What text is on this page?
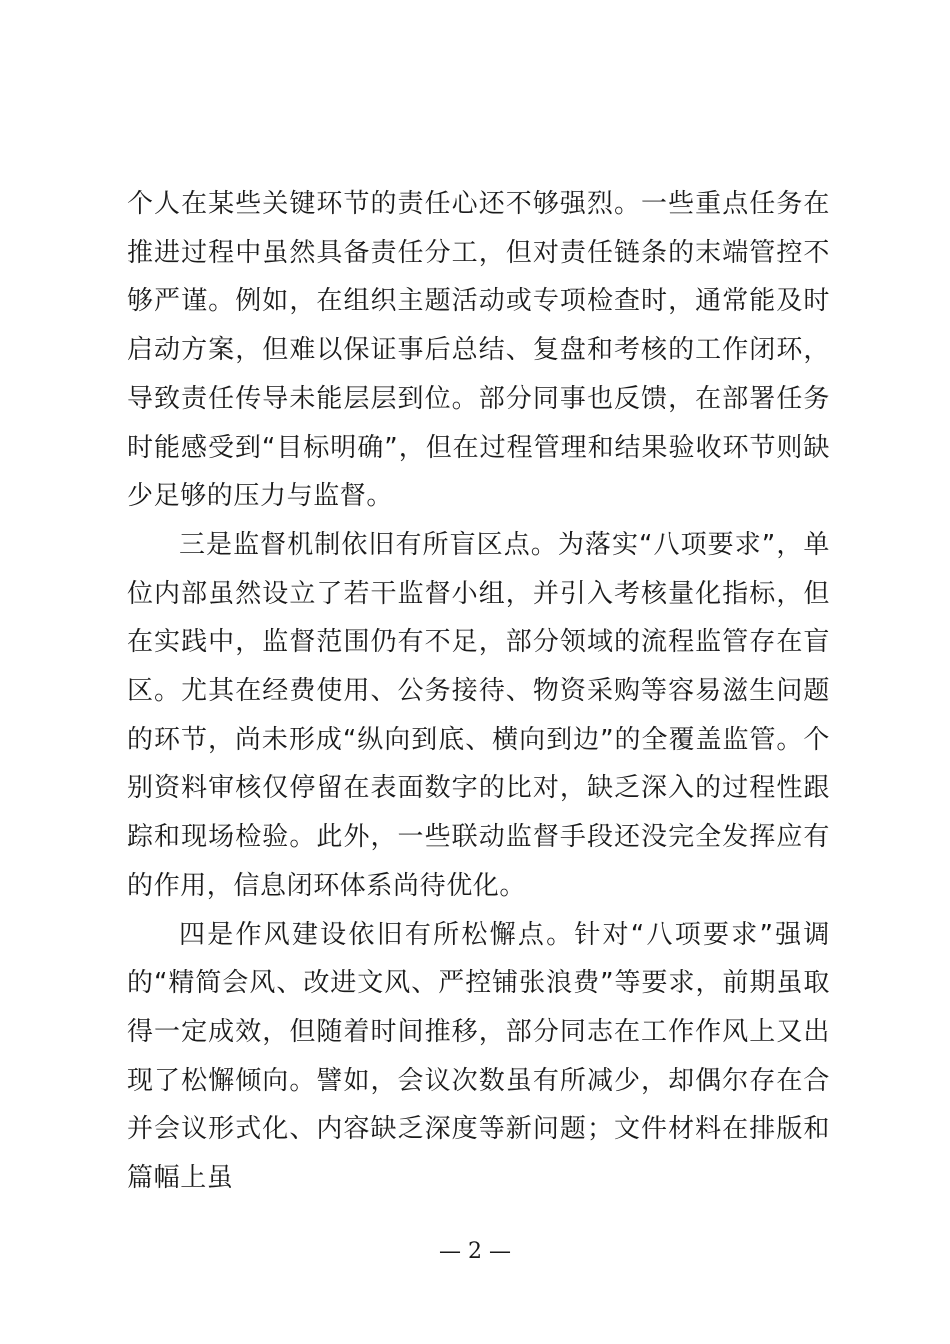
个人在某些关键环节的责任心还不够强烈。一些重点任务在推进过程中虽然具备责任分工，但对责任链条的末端管控不够严谨。例如，在组织主题活动或专项检查时，通常能及时启动方案，但难以保证事后总结、复盘和考核的工作闭环，导致责任传导未能层层到位。部分同事也反馈，在部署任务时能感受到“目标明确”，但在过程管理和结果验收环节则缺少足够的压力与监督。

三是监督机制依旧有所盲区点。为落实“八项要求”，单位内部虽然设立了若干监督小组，并引入考核量化指标，但在实践中，监督范围仍有不足，部分领域的流程监管存在盲区。尤其在经费使用、公务接待、物资采购等容易滋生问题的环节，尚未形成“纵向到底、横向到边”的全覆盖监管。个别资料审核仅停留在表面数字的比对，缺乏深入的过程性跟踪和现场检验。此外，一些联动监督手段还没完全发挥应有的作用，信息闭环体系尚待优化。

四是作风建设依旧有所松懈点。针对“八项要求”强调的“精简会风、改进文风、严控铺张浪费”等要求，前期虽取得一定成效，但随着时间推移，部分同志在工作作风上又出现了松懈倾向。譬如，会议次数虽有所减少，却偶尔存在合并会议形式化、内容缺乏深度等新问题；文件材料在排版和篇幅上虽

— 2 —
